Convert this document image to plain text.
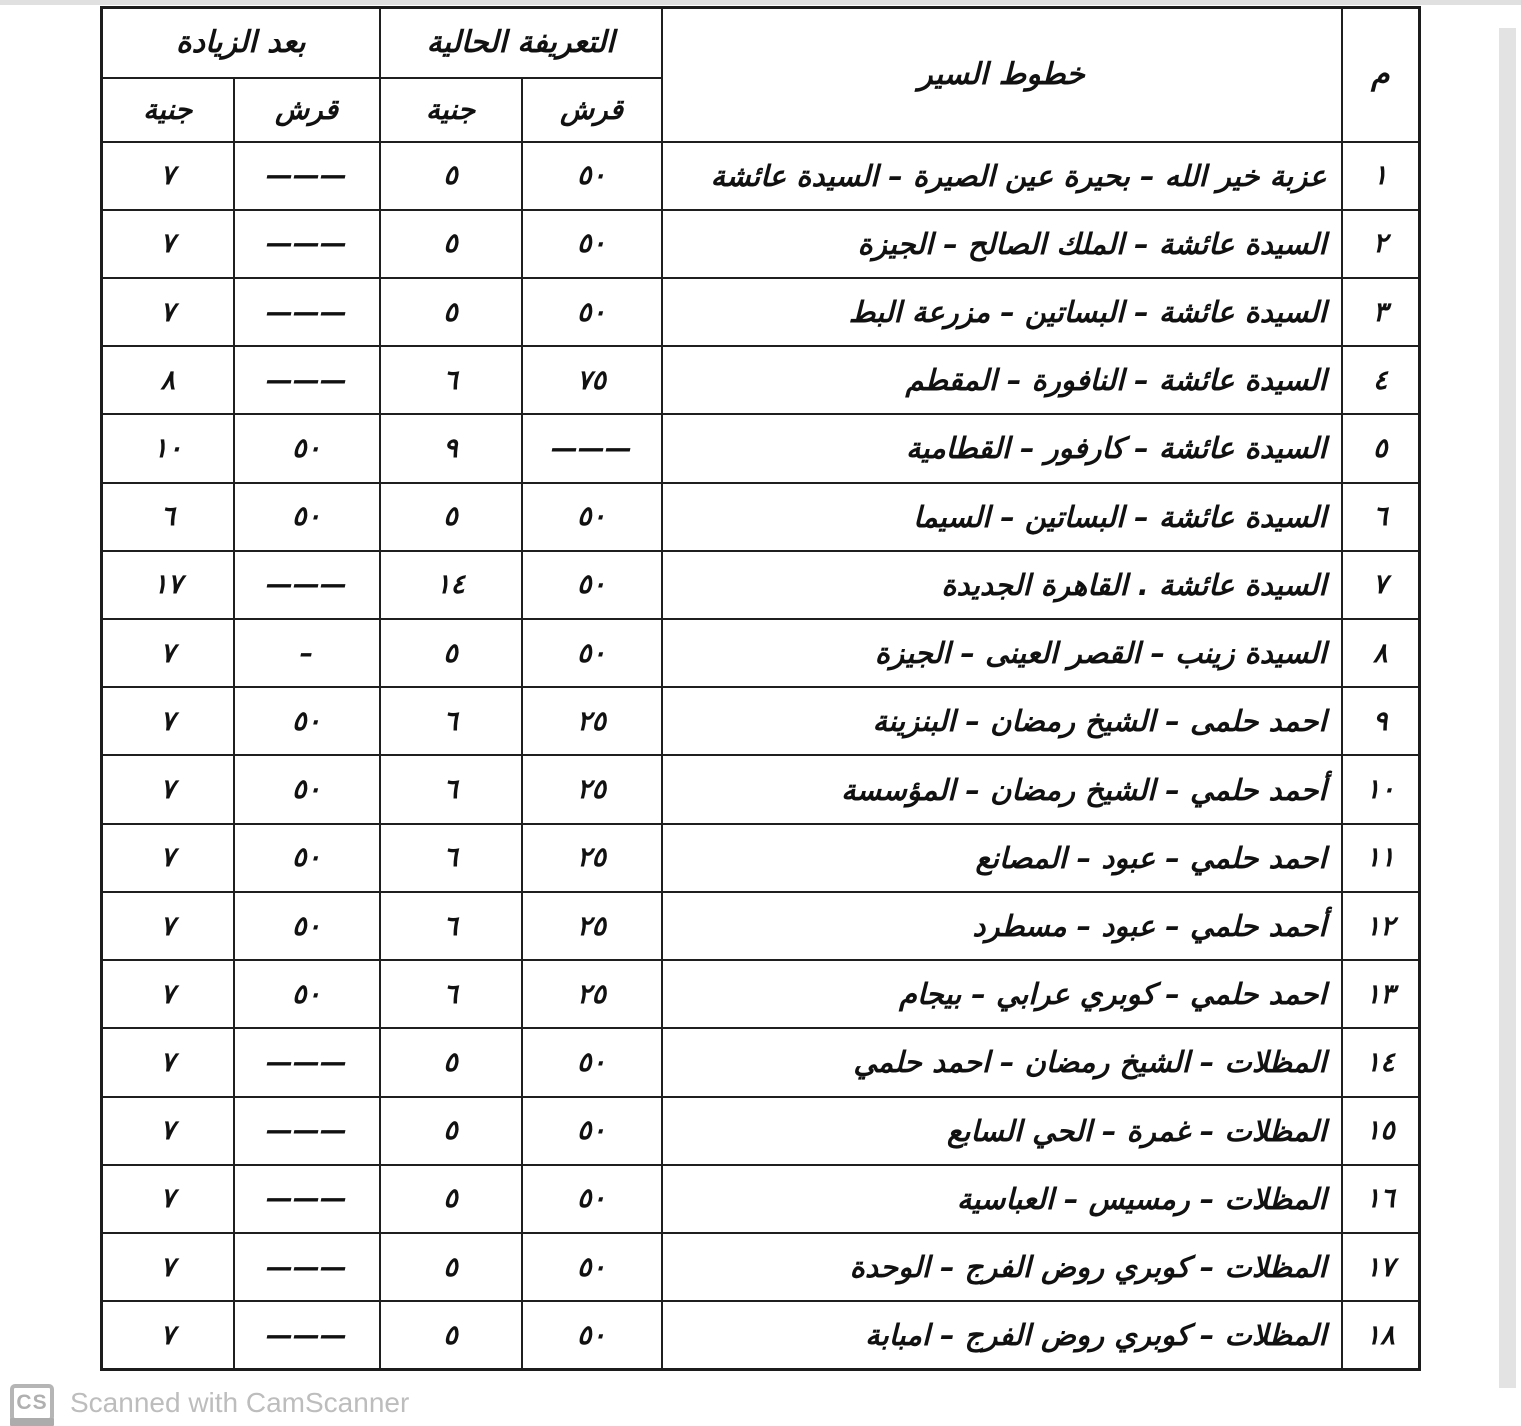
م	خطوط السير	التعريفة الحالية		بعد الزيادة	
		قرش	جنية	قرش	جنية
١	عزبة خير الله – بحيرة عين الصيرة – السيدة عائشة	٥٠	٥	———	٧
٢	السيدة عائشة – الملك الصالح – الجيزة	٥٠	٥	———	٧
٣	السيدة عائشة – البساتين – مزرعة البط	٥٠	٥	———	٧
٤	السيدة عائشة – النافورة – المقطم	٧٥	٦	———	٨
٥	السيدة عائشة – كارفور – القطامية	———	٩	٥٠	١٠
٦	السيدة عائشة – البساتين – السيما	٥٠	٥	٥٠	٦
٧	السيدة عائشة . القاهرة الجديدة	٥٠	١٤	———	١٧
٨	السيدة زينب – القصر العينى – الجيزة	٥٠	٥	–	٧
٩	احمد حلمى – الشيخ رمضان – البنزينة	٢٥	٦	٥٠	٧
١٠	أحمد حلمي – الشيخ رمضان – المؤسسة	٢٥	٦	٥٠	٧
١١	احمد حلمي – عبود – المصانع	٢٥	٦	٥٠	٧
١٢	أحمد حلمي – عبود – مسطرد	٢٥	٦	٥٠	٧
١٣	احمد حلمي – كوبري عرابي – بيجام	٢٥	٦	٥٠	٧
١٤	المظلات – الشيخ رمضان – احمد حلمي	٥٠	٥	———	٧
١٥	المظلات – غمرة – الحي السابع	٥٠	٥	———	٧
١٦	المظلات – رمسيس – العباسية	٥٠	٥	———	٧
١٧	المظلات – كوبري روض الفرج – الوحدة	٥٠	٥	———	٧
١٨	المظلات – كوبري روض الفرج – امبابة	٥٠	٥	———	٧
CS Scanned with CamScanner
